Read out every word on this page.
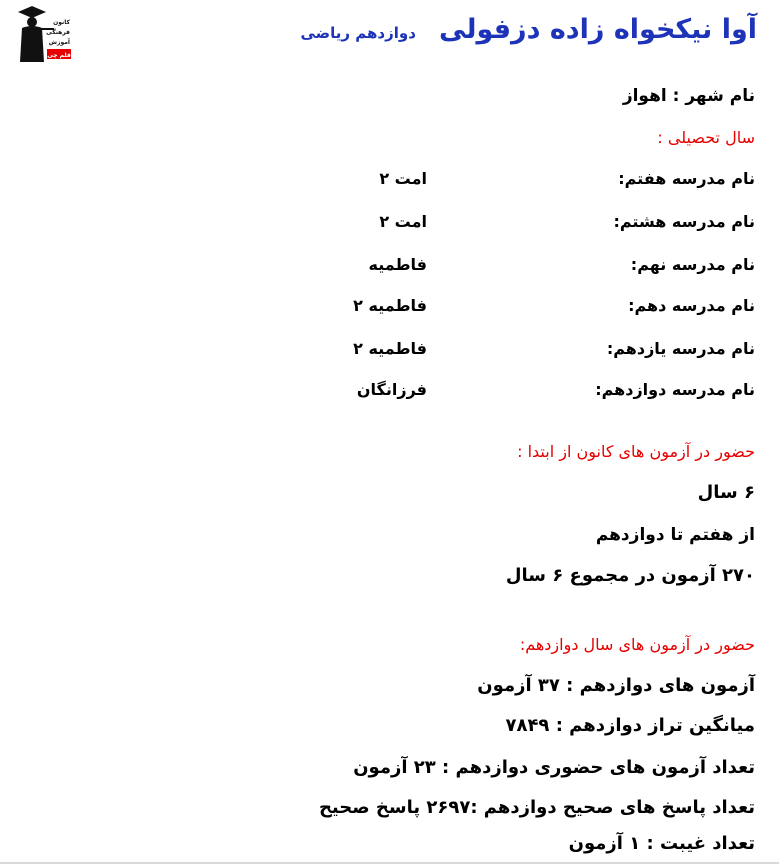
کانون
فرهنگی
آموزش
قلم چی
آوا نیکخواه زاده دزفولی دوازدهم ریاضی
نام شهر : اهواز
سال تحصیلی :
نام مدرسه هفتم:
امت ۲
نام مدرسه هشتم:
امت ۲
نام مدرسه نهم:
فاطمیه
نام مدرسه دهم:
فاطمیه ۲
نام مدرسه یازدهم:
فاطمیه ۲
نام مدرسه دوازدهم:
فرزانگان
حضور در آزمون های کانون از ابتدا :
۶ سال
از هفتم تا دوازدهم
۲۷۰ آزمون در مجموع ۶ سال
حضور در آزمون های سال دوازدهم:
آزمون های دوازدهم : ۳۷ آزمون
میانگین تراز دوازدهم : ۷۸۴۹
تعداد آزمون های حضوری دوازدهم : ۲۳ آزمون
تعداد پاسخ های صحیح دوازدهم :۲۶۹۷ پاسخ صحیح
تعداد غیبت : ۱ آزمون
